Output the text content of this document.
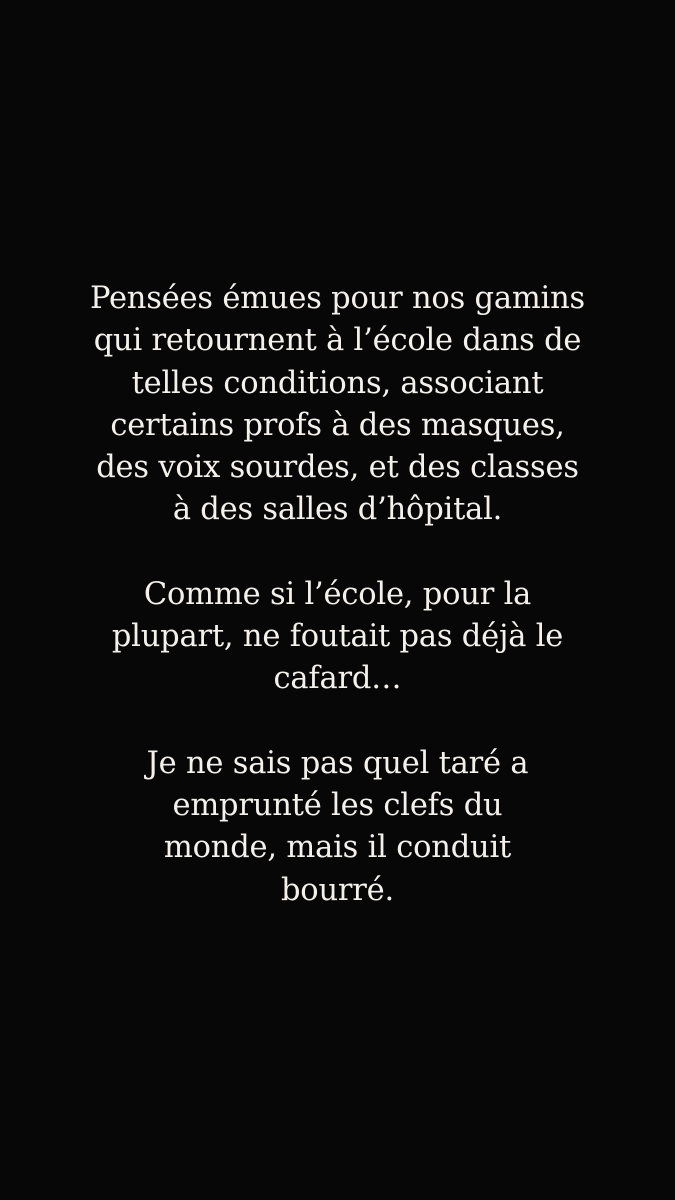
Pensées émues pour nos gamins
qui retournent à l’école dans de
telles conditions, associant
certains profs à des masques,
des voix sourdes, et des classes
à des salles d’hôpital.

Comme si l’école, pour la
plupart, ne foutait pas déjà le
cafard…

Je ne sais pas quel taré a
emprunté les clefs du
monde, mais il conduit
bourré.
